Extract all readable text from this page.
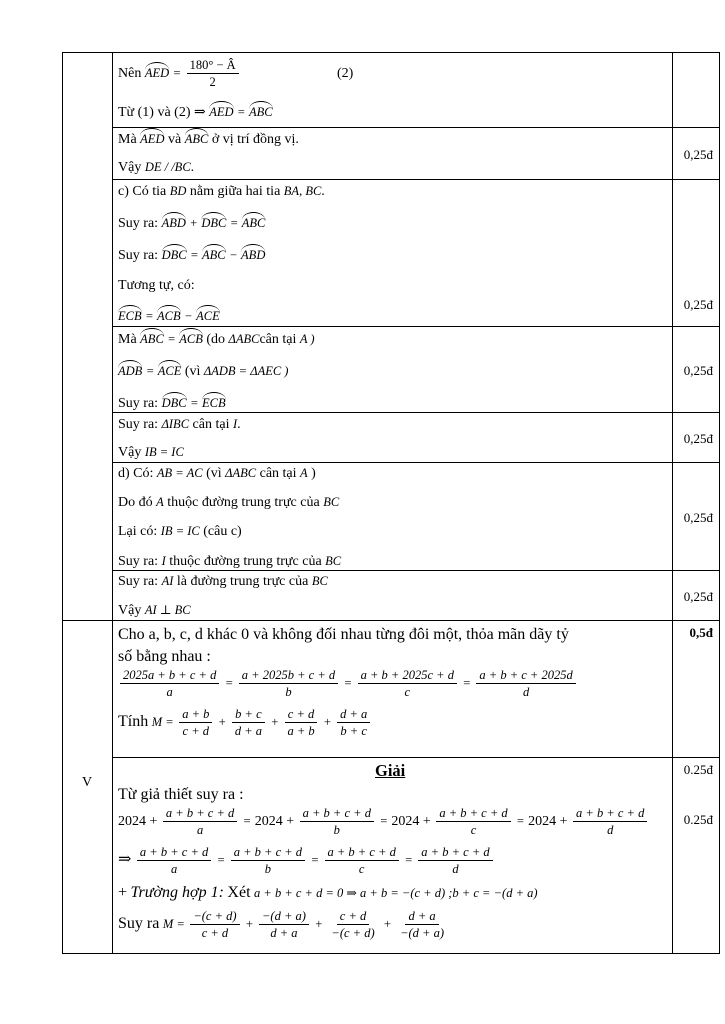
Nên AED = $\frac{180^\circ - Â}{2}$	(2)
Từ (1) và (2) ⇒ AED = ABC
Mà AED và ABC ở vị trí đồng vị.
Vậy DE / /BC.
0,25đ
c) Có tia BD nằm giữa hai tia BA, BC.
Suy ra: ABD + DBC = ABC
Suy ra: DBC = ABC − ABD
Tương tự, có:
ECB = ACB − ACE
0,25đ
Mà ABC = ACB (do ΔABCcân tại A )
ADB = ACE (vì ΔADB = ΔAEC )
Suy ra: DBC = ECB
0,25đ
Suy ra: ΔIBC cân tại I.
Vậy IB = IC
0,25đ
d) Có: AB = AC (vì ΔABC cân tại A )
Do đó A thuộc đường trung trực của BC
Lại có: IB = IC (câu c)
Suy ra: I thuộc đường trung trực của BC
0,25đ
Suy ra: AI là đường trung trực của BC
Vậy AI ⊥ BC
0,25đ
V
Cho a, b, c, d khác 0 và không đối nhau từng đôi một, thỏa mãn dãy tỷ
số bằng nhau :
$\frac{2025a + b + c + d}{a} = \frac{a + 2025b + c + d}{b} = \frac{a + b + 2025c + d}{c} = \frac{a + b + c + 2025d}{d}$
Tính $M = \frac{a + b}{c + d} + \frac{b + c}{d + a} + \frac{c + d}{a + b} + \frac{d + a}{b + c}$
0,5đ
Giải
Từ giả thiết suy ra :
$2024 + \frac{a + b + c + d}{a} = 2024 + \frac{a + b + c + d}{b} = 2024 + \frac{a + b + c + d}{c} = 2024 + \frac{a + b + c + d}{d}$
⇒ $\frac{a + b + c + d}{a} = \frac{a + b + c + d}{b} = \frac{a + b + c + d}{c} = \frac{a + b + c + d}{d}$
+ Trường hợp 1: Xét a + b + c + d = 0 ⇒ a + b = −(c + d) ;b + c = −(d + a)
Suy ra $M = \frac{-(c + d)}{c + d} + \frac{-(d + a)}{d + a} + \frac{c + d}{-(c + d)} + \frac{d + a}{-(d + a)}$
0.25đ
0.25đ
